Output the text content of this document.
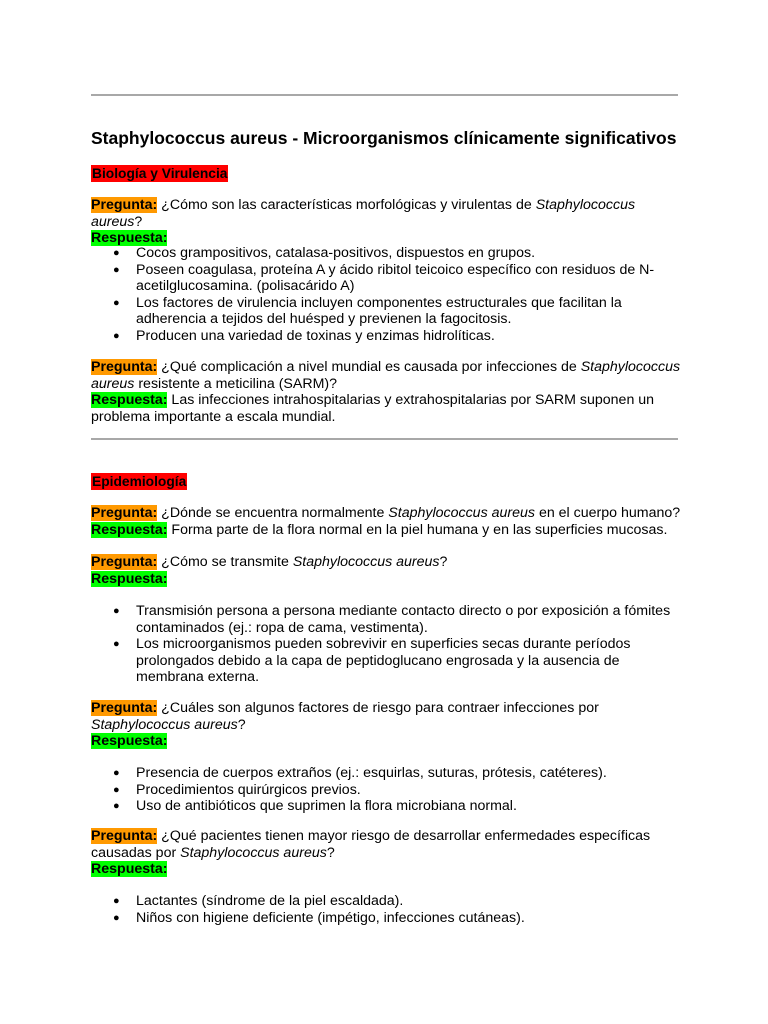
Staphylococcus aureus - Microorganismos clínicamente significativos
Biología y Virulencia
Pregunta: ¿Cómo son las características morfológicas y virulentas de Staphylococcus aureus?
Respuesta:
● Cocos grampositivos, catalasa-positivos, dispuestos en grupos.
● Poseen coagulasa, proteína A y ácido ribitol teicoico específico con residuos de N-acetilglucosamina. (polisacárido A)
● Los factores de virulencia incluyen componentes estructurales que facilitan la adherencia a tejidos del huésped y previenen la fagocitosis.
● Producen una variedad de toxinas y enzimas hidrolíticas.
Pregunta: ¿Qué complicación a nivel mundial es causada por infecciones de Staphylococcus aureus resistente a meticilina (SARM)?
Respuesta: Las infecciones intrahospitalarias y extrahospitalarias por SARM suponen un problema importante a escala mundial.
Epidemiología
Pregunta: ¿Dónde se encuentra normalmente Staphylococcus aureus en el cuerpo humano?
Respuesta: Forma parte de la flora normal en la piel humana y en las superficies mucosas.
Pregunta: ¿Cómo se transmite Staphylococcus aureus?
Respuesta:
● Transmisión persona a persona mediante contacto directo o por exposición a fómites contaminados (ej.: ropa de cama, vestimenta).
● Los microorganismos pueden sobrevivir en superficies secas durante períodos prolongados debido a la capa de peptidoglucano engrosada y la ausencia de membrana externa.
Pregunta: ¿Cuáles son algunos factores de riesgo para contraer infecciones por Staphylococcus aureus?
Respuesta:
● Presencia de cuerpos extraños (ej.: esquirlas, suturas, prótesis, catéteres).
● Procedimientos quirúrgicos previos.
● Uso de antibióticos que suprimen la flora microbiana normal.
Pregunta: ¿Qué pacientes tienen mayor riesgo de desarrollar enfermedades específicas causadas por Staphylococcus aureus?
Respuesta:
● Lactantes (síndrome de la piel escaldada).
● Niños con higiene deficiente (impétigo, infecciones cutáneas).
